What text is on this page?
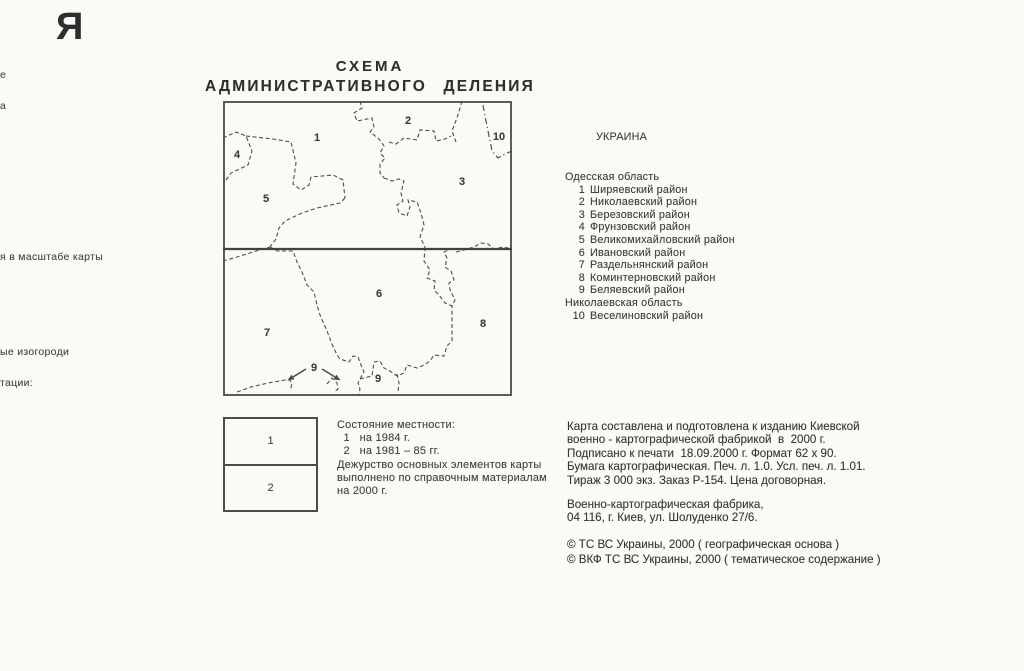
Я
е
а
я в масштабе карты
ые изогороди
тации:
СХЕМА
АДМИНИСТРАТИВНОГО ДЕЛЕНИЯ
1
2
3
4
5
6
7
8
9
9
10
1
2
Состояние местности:
1   на 1984 г.
2   на 1981 – 85 гг.
Дежурство основных элементов карты
выполнено по справочным материалам
на 2000 г.

УКРАИНА

Одесская область
1 Ширяевский район
2 Николаевский район
3 Березовский район
4 Фрунзовский район
5 Великомихайловский район
6 Ивановский район
7 Раздельнянский район
8 Коминтерновский район
9 Беляевский район
Николаевская область
10 Веселиновский район

Карта составлена и подготовлена к изданию Киевской
военно - картографической фабрикой  в  2000 г.
Подписано к печати  18.09.2000 г. Формат 62 х 90.
Бумага картографическая. Печ. л. 1.0. Усл. печ. л. 1.01.
Тираж 3 000 экз. Заказ Р-154. Цена договорная.
Военно-картографическая фабрика,
04 116, г. Киев, ул. Шолуденко 27/6.
© ТС ВС Украины, 2000 ( географическая основа )
© ВКФ ТС ВС Украины, 2000 ( тематическое содержание )
